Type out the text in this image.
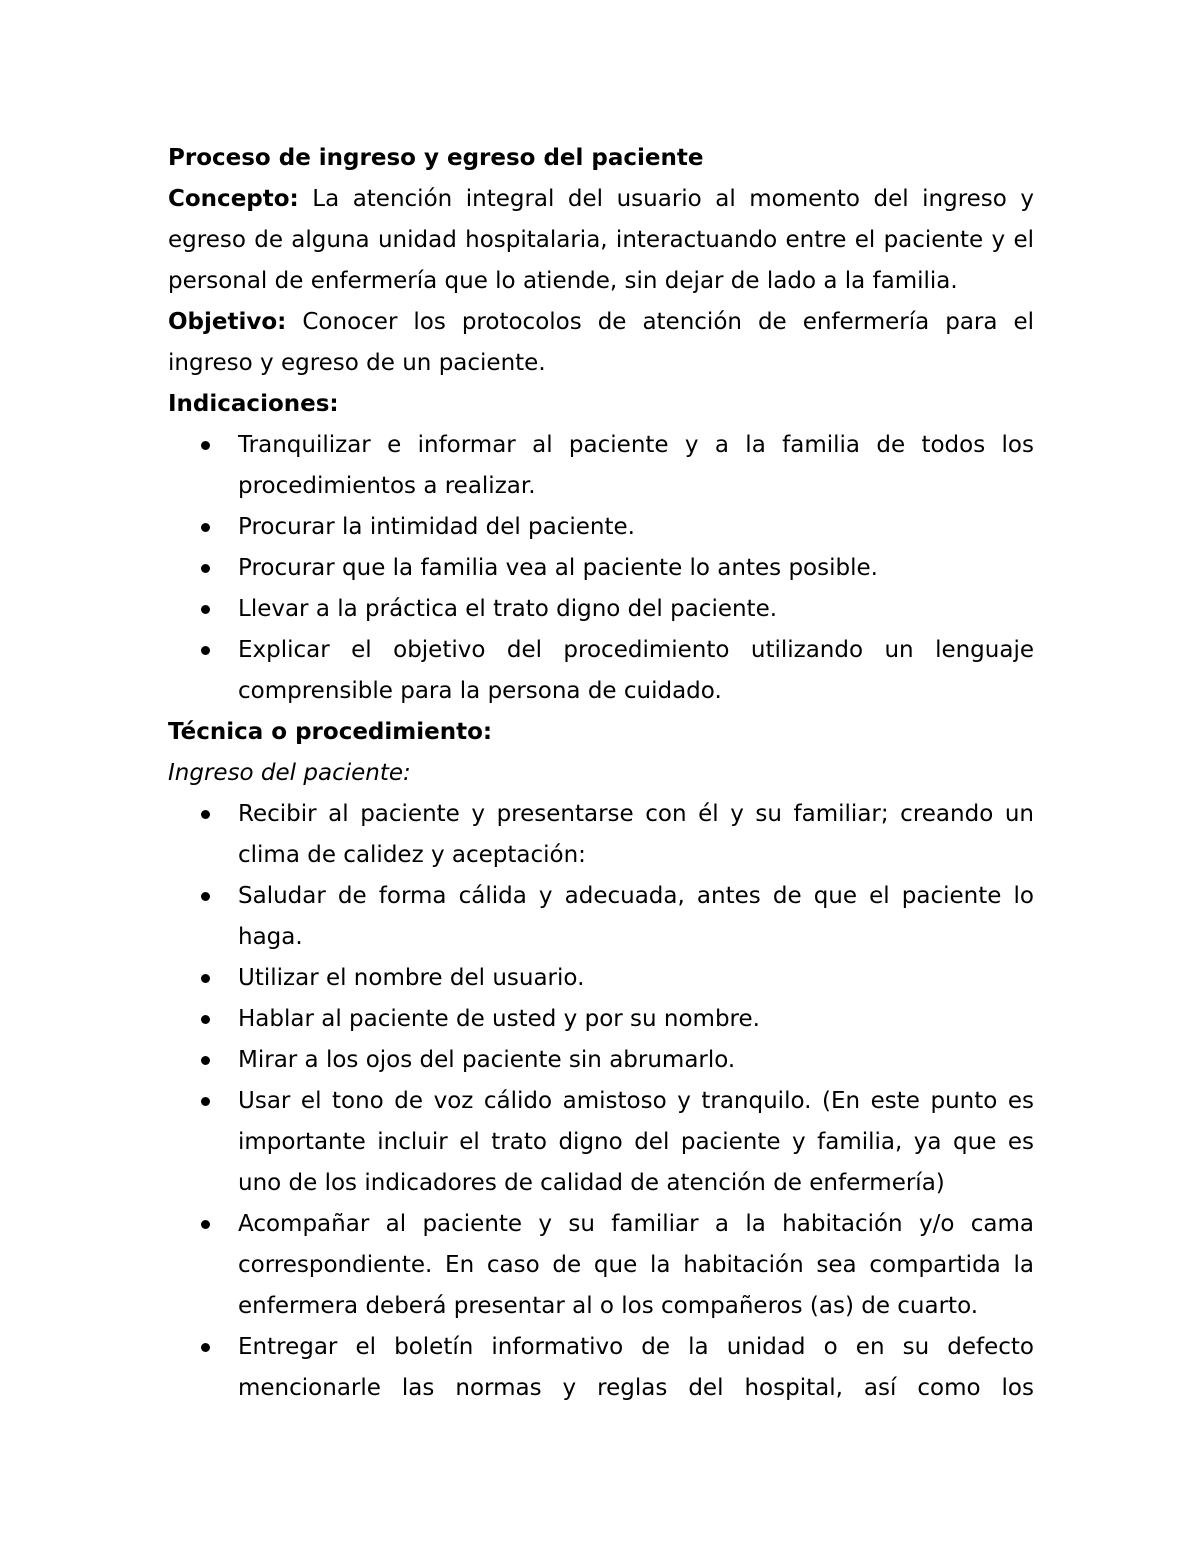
Proceso de ingreso y egreso del paciente

Concepto: La atención integral del usuario al momento del ingreso y egreso de alguna unidad hospitalaria, interactuando entre el paciente y el personal de enfermería que lo atiende, sin dejar de lado a la familia.

Objetivo: Conocer los protocolos de atención de enfermería para el ingreso y egreso de un paciente.

Indicaciones:

Tranquilizar e informar al paciente y a la familia de todos los procedimientos a realizar.
Procurar la intimidad del paciente.
Procurar que la familia vea al paciente lo antes posible.
Llevar a la práctica el trato digno del paciente.
Explicar el objetivo del procedimiento utilizando un lenguaje comprensible para la persona de cuidado.

Técnica o procedimiento:

Ingreso del paciente:

Recibir al paciente y presentarse con él y su familiar; creando un clima de calidez y aceptación:
Saludar de forma cálida y adecuada, antes de que el paciente lo haga.
Utilizar el nombre del usuario.
Hablar al paciente de usted y por su nombre.
Mirar a los ojos del paciente sin abrumarlo.
Usar el tono de voz cálido amistoso y tranquilo. (En este punto es importante incluir el trato digno del paciente y familia, ya que es uno de los indicadores de calidad de atención de enfermería)
Acompañar al paciente y su familiar a la habitación y/o cama correspondiente. En caso de que la habitación sea compartida la enfermera deberá presentar al o los compañeros (as) de cuarto.
Entregar el boletín informativo de la unidad o en su defecto mencionarle las normas y reglas del hospital, así como los
